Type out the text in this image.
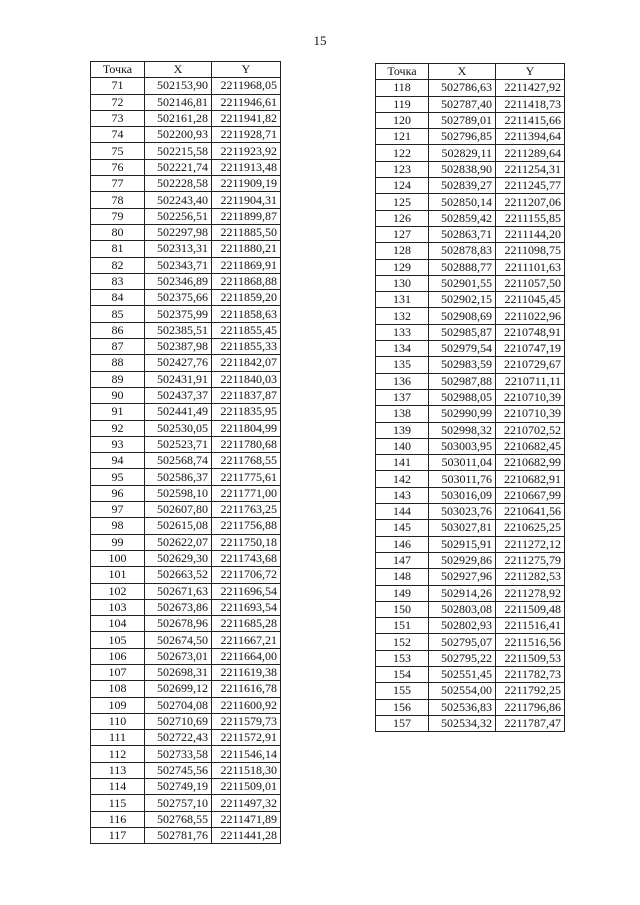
15
Точка	X	Y
71	502153,90	2211968,05
72	502146,81	2211946,61
73	502161,28	2211941,82
74	502200,93	2211928,71
75	502215,58	2211923,92
76	502221,74	2211913,48
77	502228,58	2211909,19
78	502243,40	2211904,31
79	502256,51	2211899,87
80	502297,98	2211885,50
81	502313,31	2211880,21
82	502343,71	2211869,91
83	502346,89	2211868,88
84	502375,66	2211859,20
85	502375,99	2211858,63
86	502385,51	2211855,45
87	502387,98	2211855,33
88	502427,76	2211842,07
89	502431,91	2211840,03
90	502437,37	2211837,87
91	502441,49	2211835,95
92	502530,05	2211804,99
93	502523,71	2211780,68
94	502568,74	2211768,55
95	502586,37	2211775,61
96	502598,10	2211771,00
97	502607,80	2211763,25
98	502615,08	2211756,88
99	502622,07	2211750,18
100	502629,30	2211743,68
101	502663,52	2211706,72
102	502671,63	2211696,54
103	502673,86	2211693,54
104	502678,96	2211685,28
105	502674,50	2211667,21
106	502673,01	2211664,00
107	502698,31	2211619,38
108	502699,12	2211616,78
109	502704,08	2211600,92
110	502710,69	2211579,73
111	502722,43	2211572,91
112	502733,58	2211546,14
113	502745,56	2211518,30
114	502749,19	2211509,01
115	502757,10	2211497,32
116	502768,55	2211471,89
117	502781,76	2211441,28
Точка	X	Y
118	502786,63	2211427,92
119	502787,40	2211418,73
120	502789,01	2211415,66
121	502796,85	2211394,64
122	502829,11	2211289,64
123	502838,90	2211254,31
124	502839,27	2211245,77
125	502850,14	2211207,06
126	502859,42	2211155,85
127	502863,71	2211144,20
128	502878,83	2211098,75
129	502888,77	2211101,63
130	502901,55	2211057,50
131	502902,15	2211045,45
132	502908,69	2211022,96
133	502985,87	2210748,91
134	502979,54	2210747,19
135	502983,59	2210729,67
136	502987,88	2210711,11
137	502988,05	2210710,39
138	502990,99	2210710,39
139	502998,32	2210702,52
140	503003,95	2210682,45
141	503011,04	2210682,99
142	503011,76	2210682,91
143	503016,09	2210667,99
144	503023,76	2210641,56
145	503027,81	2210625,25
146	502915,91	2211272,12
147	502929,86	2211275,79
148	502927,96	2211282,53
149	502914,26	2211278,92
150	502803,08	2211509,48
151	502802,93	2211516,41
152	502795,07	2211516,56
153	502795,22	2211509,53
154	502551,45	2211782,73
155	502554,00	2211792,25
156	502536,83	2211796,86
157	502534,32	2211787,47
